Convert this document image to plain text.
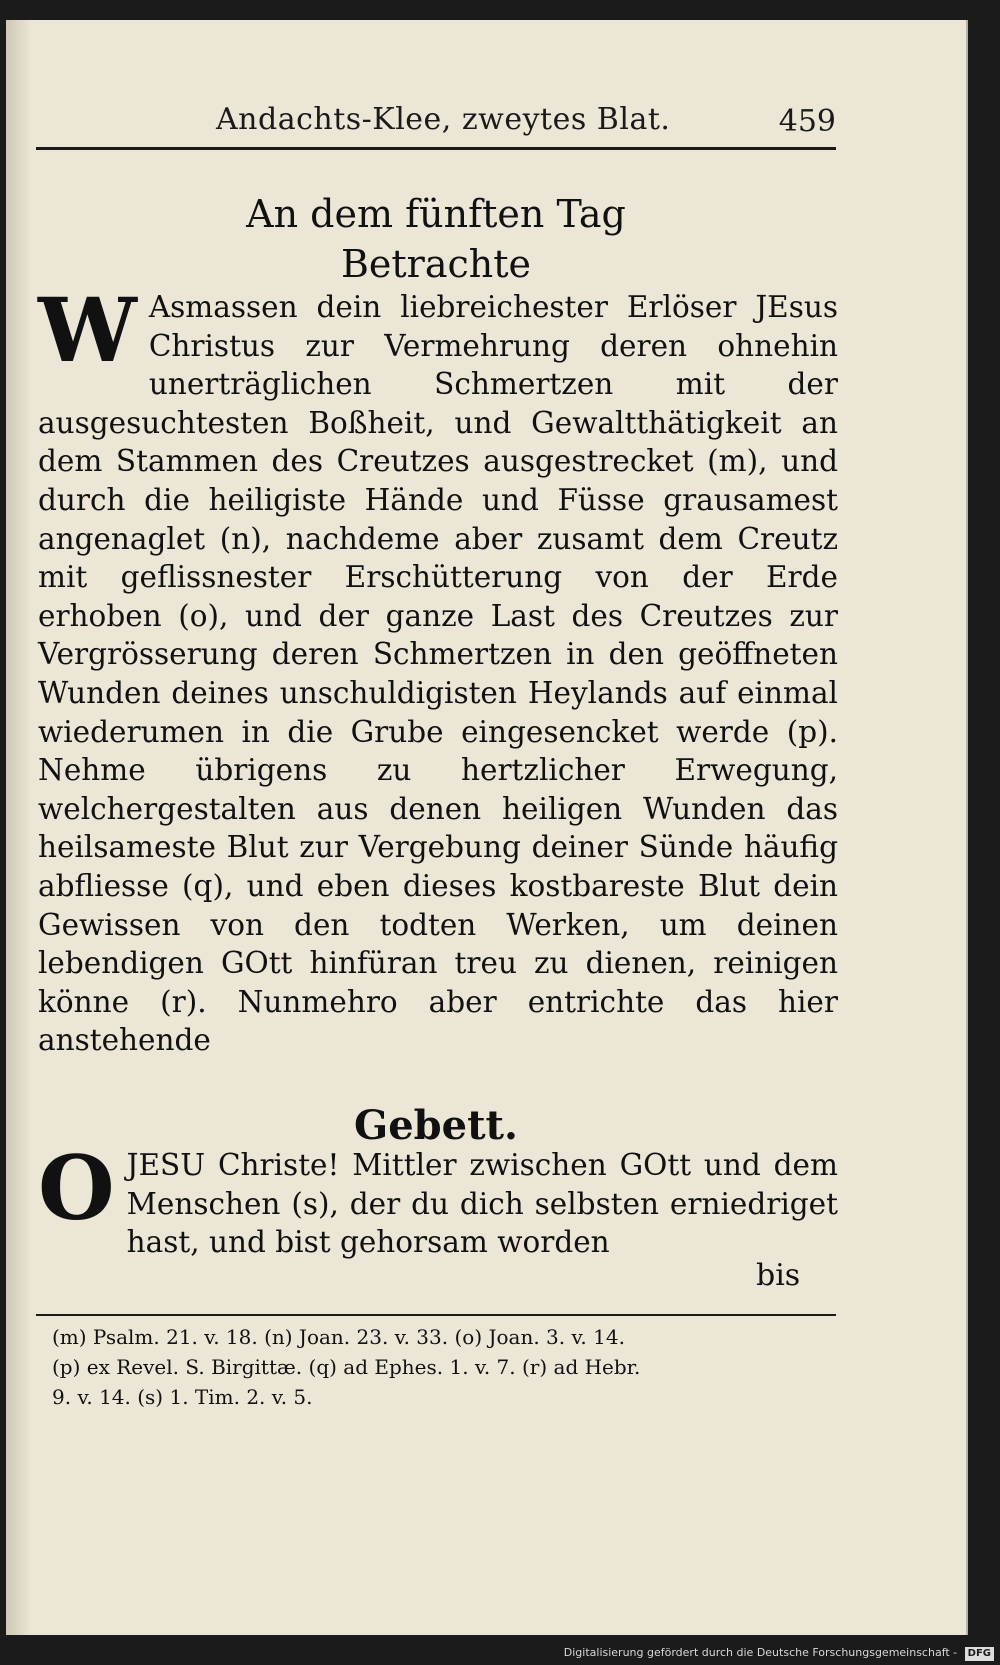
Andachts-Klee, zweytes Blat.	459
An dem fünften Tag
Betrachte

W Asmassen dein liebreichester Erlöser JEsus Christus zur Vermehrung deren ohnehin unerträglichen Schmertzen mit der ausgesuchtesten Boßheit, und Gewaltthätigkeit an dem Stammen des Creutzes ausgestrecket (m), und durch die heiligiste Hände und Füsse grausamest angenaglet (n), nachdeme aber zusamt dem Creutz mit geflissnester Erschütterung von der Erde erhoben (o), und der ganze Last des Creutzes zur Vergrösserung deren Schmertzen in den geöffneten Wunden deines unschuldigisten Heylands auf einmal wiederumen in die Grube eingesencket werde (p). Nehme übrigens zu hertzlicher Erwegung, welchergestalten aus denen heiligen Wunden das heilsameste Blut zur Vergebung deiner Sünde häufig abfliesse (q), und eben dieses kostbareste Blut dein Gewissen von den todten Werken, um deinen lebendigen GOtt hinfüran treu zu dienen, reinigen könne (r). Nunmehro aber entrichte das hier anstehende

Gebett.

O JESU Christe! Mittler zwischen GOtt und dem Menschen (s), der du dich selbsten erniedriget hast, und bist gehorsam worden

bis
(m) Psalm. 21. v. 18. (n) Joan. 23. v. 33. (o) Joan. 3. v. 14.
(p) ex Revel. S. Birgittæ. (q) ad Ephes. 1. v. 7. (r) ad Hebr.
9. v. 14. (s) 1. Tim. 2. v. 5.
Digitalisierung gefördert durch die Deutsche Forschungsgemeinschaft - DFG
